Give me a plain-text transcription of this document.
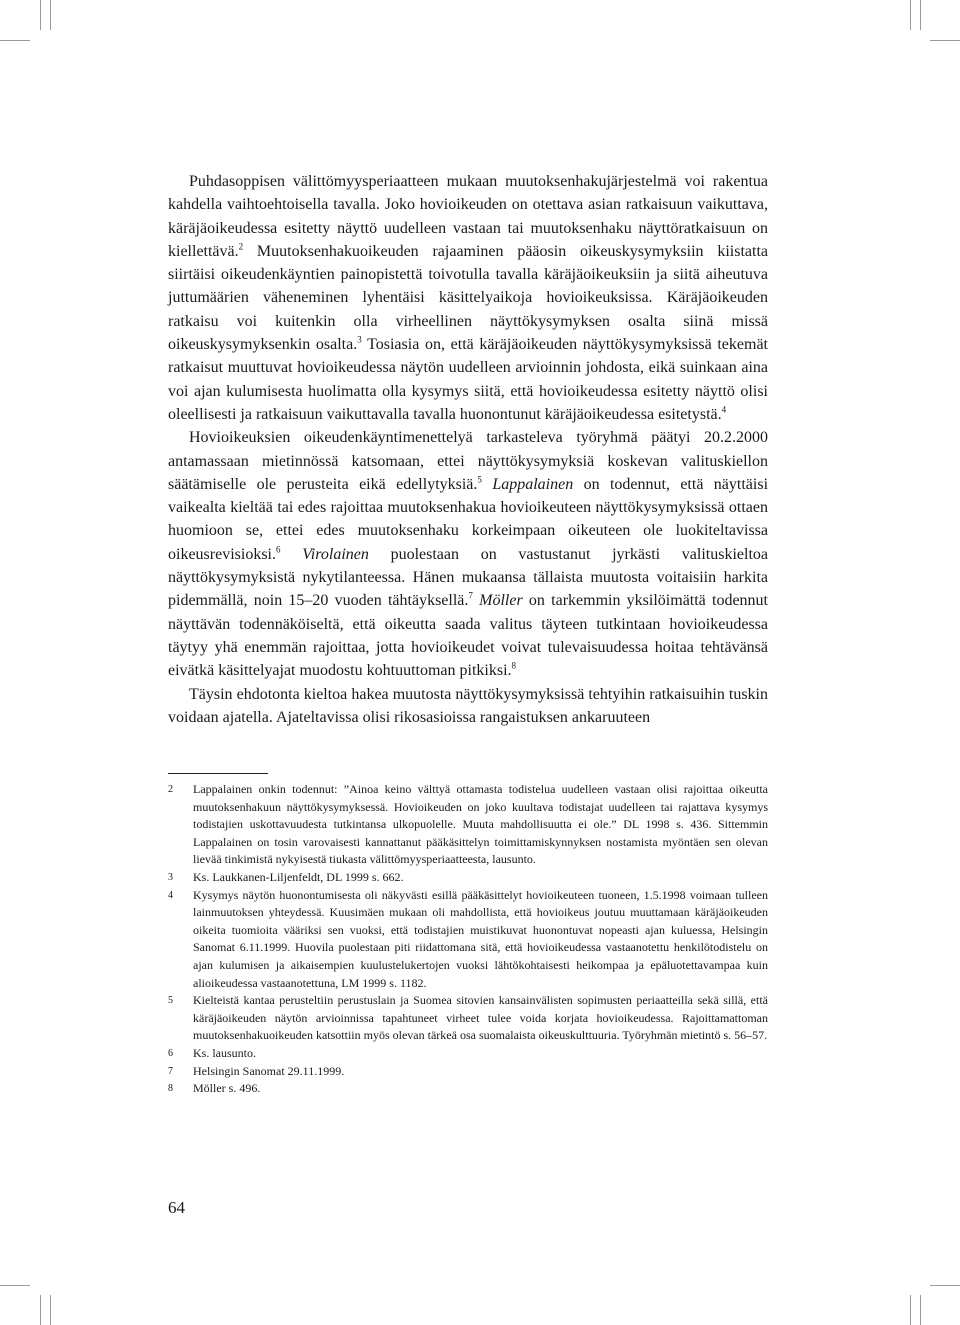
Puhdasoppisen välittömyysperiaatteen mukaan muutoksenhakujärjestelmä voi rakentua kahdella vaihtoehtoisella tavalla. Joko hovioikeuden on otettava asian ratkaisuun vaikuttava, käräjäoikeudessa esitetty näyttö uudelleen vastaan tai muutoksenhaku näyttöratkaisuun on kiellettävä.$^2$ Muutoksenhakuoikeuden rajaaminen pääosin oikeuskysymyksiin kiistatta siirtäisi oikeudenkäyntien painopistettä toivotulla tavalla käräjäoikeuksiin ja siitä aiheutuva juttumäärien väheneminen lyhentäisi käsittelyaikoja hovioikeuksissa. Käräjäoikeuden ratkaisu voi kuitenkin olla virheellinen näyttökysymyksen osalta siinä missä oikeuskysymyksenkin osalta.$^3$ Tosiasia on, että käräjäoikeuden näyttökysymyksissä tekemät ratkaisut muuttuvat hovioikeudessa näytön uudelleen arvioinnin johdosta, eikä suinkaan aina voi ajan kulumisesta huolimatta olla kysymys siitä, että hovioikeudessa esitetty näyttö olisi oleellisesti ja ratkaisuun vaikuttavalla tavalla huonontunut käräjäoikeudessa esitetystä.$^4$

Hovioikeuksien oikeudenkäyntimenettelyä tarkasteleva työryhmä päätyi 20.2.2000 antamassaan mietinnössä katsomaan, ettei näyttökysymyksiä koskevan valituskiellon säätämiselle ole perusteita eikä edellytyksiä.$^5$ Lappalainen on todennut, että näyttäisi vaikealta kieltää tai edes rajoittaa muutoksenhakua hovioikeuteen näyttökysymyksissä ottaen huomioon se, ettei edes muutoksenhaku korkeimpaan oikeuteen ole luokiteltavissa oikeusrevisioksi.$^6$ Virolainen puolestaan on vastustanut jyrkästi valituskieltoa näyttökysymyksistä nykytilanteessa. Hänen mukaansa tällaista muutosta voitaisiin harkita pidemmällä, noin 15–20 vuoden tähtäyksellä.$^7$ Möller on tarkemmin yksilöimättä todennut näyttävän todennäköiseltä, että oikeutta saada valitus täyteen tutkintaan hovioikeudessa täytyy yhä enemmän rajoittaa, jotta hovioikeudet voivat tulevaisuudessa hoitaa tehtävänsä eivätkä käsittelyajat muodostu kohtuuttoman pitkiksi.$^8$

Täysin ehdotonta kieltoa hakea muutosta näyttökysymyksissä tehtyihin ratkaisuihin tuskin voidaan ajatella. Ajateltavissa olisi rikosasioissa rangaistuksen ankaruuteen

2	Lappalainen onkin todennut: ”Ainoa keino välttyä ottamasta todistelua uudelleen vastaan olisi rajoittaa oikeutta muutoksenhakuun näyttökysymyksessä. Hovioikeuden on joko kuultava todistajat uudelleen tai rajattava kysymys todistajien uskottavuudesta tutkintansa ulkopuolelle. Muuta mahdollisuutta ei ole.” DL 1998 s. 436. Sittemmin Lappalainen on tosin varovaisesti kannattanut pääkäsittelyn toimittamiskynnyksen nostamista myöntäen sen olevan lievää tinkimistä nykyisestä tiukasta välittömyysperiaatteesta, lausunto.
3	Ks. Laukkanen-Liljenfeldt, DL 1999 s. 662.
4	Kysymys näytön huonontumisesta oli näkyvästi esillä pääkäsittelyt hovioikeuteen tuoneen, 1.5.1998 voimaan tulleen lainmuutoksen yhteydessä. Kuusimäen mukaan oli mahdollista, että hovioikeus joutuu muuttamaan käräjäoikeuden oikeita tuomioita vääriksi sen vuoksi, että todistajien muistikuvat huonontuvat nopeasti ajan kuluessa, Helsingin Sanomat 6.11.1999. Huovila puolestaan piti riidattomana sitä, että hovioikeudessa vastaanotettu henkilötodistelu on ajan kulumisen ja aikaisempien kuulustelukertojen vuoksi lähtökohtaisesti heikompaa ja epäluotettavampaa kuin alioikeudessa vastaanotettuna, LM 1999 s. 1182.
5	Kielteistä kantaa perusteltiin perustuslain ja Suomea sitovien kansainvälisten sopimusten periaatteilla sekä sillä, että käräjäoikeuden näytön arvioinnissa tapahtuneet virheet tulee voida korjata hovioikeudessa. Rajoittamattoman muutoksenhakuoikeuden katsottiin myös olevan tärkeä osa suomalaista oikeuskulttuuria. Työryhmän mietintö s. 56–57.
6	Ks. lausunto.
7	Helsingin Sanomat 29.11.1999.
8	Möller s. 496.
64
